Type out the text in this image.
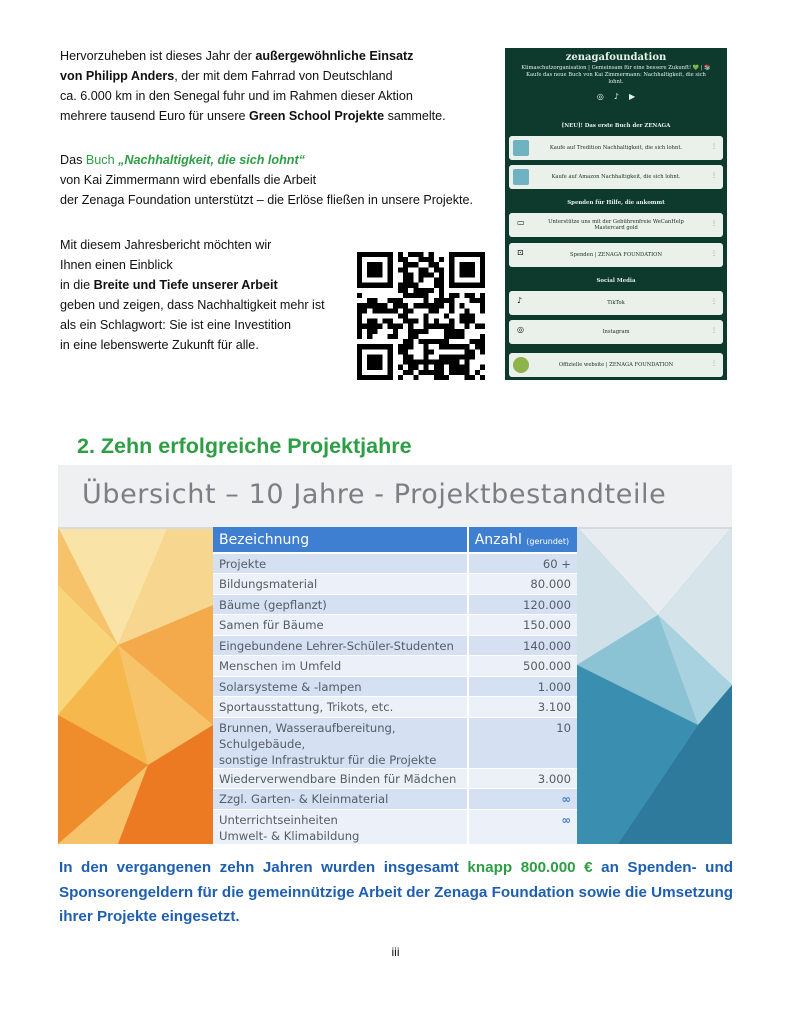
Hervorzuheben ist dieses Jahr der außergewöhnliche Einsatz

von Philipp Anders, der mit dem Fahrrad von Deutschland

ca. 6.000 km in den Senegal fuhr und im Rahmen dieser Aktion

mehrere tausend Euro für unsere Green School Projekte sammelte.

Das Buch „Nachhaltigkeit, die sich lohnt“

von Kai Zimmermann wird ebenfalls die Arbeit

der Zenaga Foundation unterstützt – die Erlöse fließen in unsere Projekte.

Mit diesem Jahresbericht möchten wir

Ihnen einen Einblick

in die Breite und Tiefe unserer Arbeit

geben und zeigen, dass Nachhaltigkeit mehr ist

als ein Schlagwort: Sie ist eine Investition

in eine lebenswerte Zukunft für alle.

zenagafoundation
Klimaschutzorganisation | Gemeinsam für eine bessere Zukunft! 💚 | 📚 Kaufe das neue Buch von Kai Zimmermann: Nachhaltigkeit, die sich lohnt.
◎ ♪ ▶
[NEU]! Das erste Buch der ZENAGA
Kaufe auf Tredition Nachhaltigkeit, die sich lohnt.	⋮
Kaufe auf Amazon Nachhaltigkeit, die sich lohnt.	⋮
Spenden für Hilfe, die ankommt
▭	Unterstütze uns mit der Gebührenfreie WeCanHelp Mastercard gold
⋮
⊡	Spenden | ZENAGA FOUNDATION	⋮
Social Media
♪	TikTok	⋮
◎	Instagram	⋮
Offizielle website | ZENAGA FOUNDATION	⋮
2. Zehn erfolgreiche Projektjahre
Übersicht – 10 Jahre - Projektbestandteile
Bezeichnung	Anzahl (gerundet)
Projekte	60 +
Bildungsmaterial	80.000
Bäume (gepflanzt)	120.000
Samen für Bäume	150.000
Eingebundene Lehrer-Schüler-Studenten	140.000
Menschen im Umfeld	500.000
Solarsysteme & -lampen	1.000
Sportausstattung, Trikots, etc.	3.100
Brunnen, Wasseraufbereitung,
Schulgebäude,
sonstige Infrastruktur für die Projekte	10
Wiederverwendbare Binden für Mädchen	3.000
Zzgl. Garten- & Kleinmaterial	∞
Unterrichtseinheiten
Umwelt- & Klimabildung	∞
In den vergangenen zehn Jahren wurden insgesamt knapp 800.000 € an Spenden- und Sponsorengeldern für die gemeinnützige Arbeit der Zenaga Foundation sowie die Umsetzung ihrer Projekte eingesetzt.
iii
